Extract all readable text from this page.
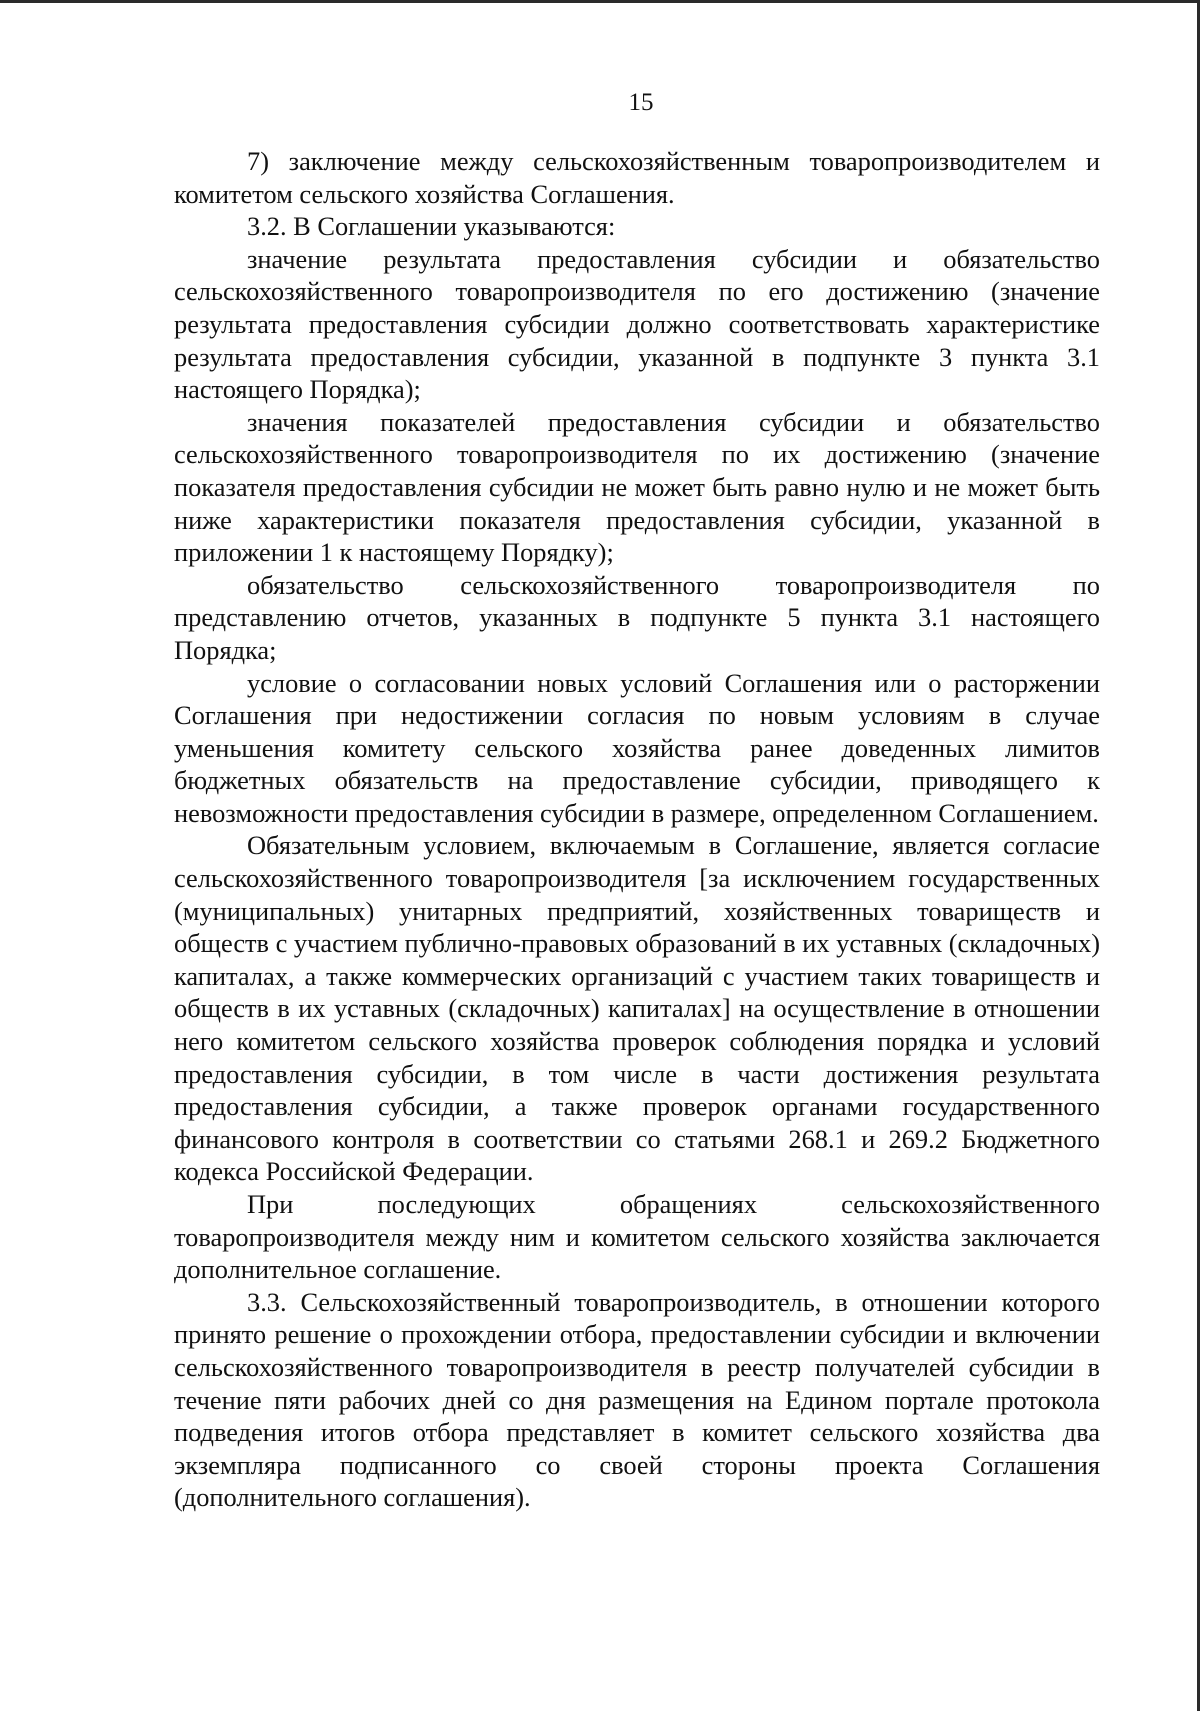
15

7) заключение между сельскохозяйственным товаропроизводителем и комитетом сельского хозяйства Соглашения.

3.2. В Соглашении указываются:

значение результата предоставления субсидии и обязательство сельскохозяйственного товаропроизводителя по его достижению (значение результата предоставления субсидии должно соответствовать характеристике результата предоставления субсидии, указанной в подпункте 3 пункта 3.1 настоящего Порядка);

значения показателей предоставления субсидии и обязательство сельскохозяйственного товаропроизводителя по их достижению (значение показателя предоставления субсидии не может быть равно нулю и не может быть ниже характеристики показателя предоставления субсидии, указанной в приложении 1 к настоящему Порядку);

обязательство сельскохозяйственного товаропроизводителя по представлению отчетов, указанных в подпункте 5 пункта 3.1 настоящего Порядка;

условие о согласовании новых условий Соглашения или о расторжении Соглашения при недостижении согласия по новым условиям в случае уменьшения комитету сельского хозяйства ранее доведенных лимитов бюджетных обязательств на предоставление субсидии, приводящего к невозможности предоставления субсидии в размере, определенном Соглашением.

Обязательным условием, включаемым в Соглашение, является согласие сельскохозяйственного товаропроизводителя [за исключением государственных (муниципальных) унитарных предприятий, хозяйственных товариществ и обществ с участием публично-правовых образований в их уставных (складочных) капиталах, а также коммерческих организаций с участием таких товариществ и обществ в их уставных (складочных) капиталах] на осуществление в отношении него комитетом сельского хозяйства проверок соблюдения порядка и условий предоставления субсидии, в том числе в части достижения результата предоставления субсидии, а также проверок органами государственного финансового контроля в соответствии со статьями 268.1 и 269.2 Бюджетного кодекса Российской Федерации.

При последующих обращениях сельскохозяйственного товаропроизводителя между ним и комитетом сельского хозяйства заключается дополнительное соглашение.

3.3. Сельскохозяйственный товаропроизводитель, в отношении которого принято решение о прохождении отбора, предоставлении субсидии и включении сельскохозяйственного товаропроизводителя в реестр получателей субсидии в течение пяти рабочих дней со дня размещения на Едином портале протокола подведения итогов отбора представляет в комитет сельского хозяйства два экземпляра подписанного со своей стороны проекта Соглашения (дополнительного соглашения).
